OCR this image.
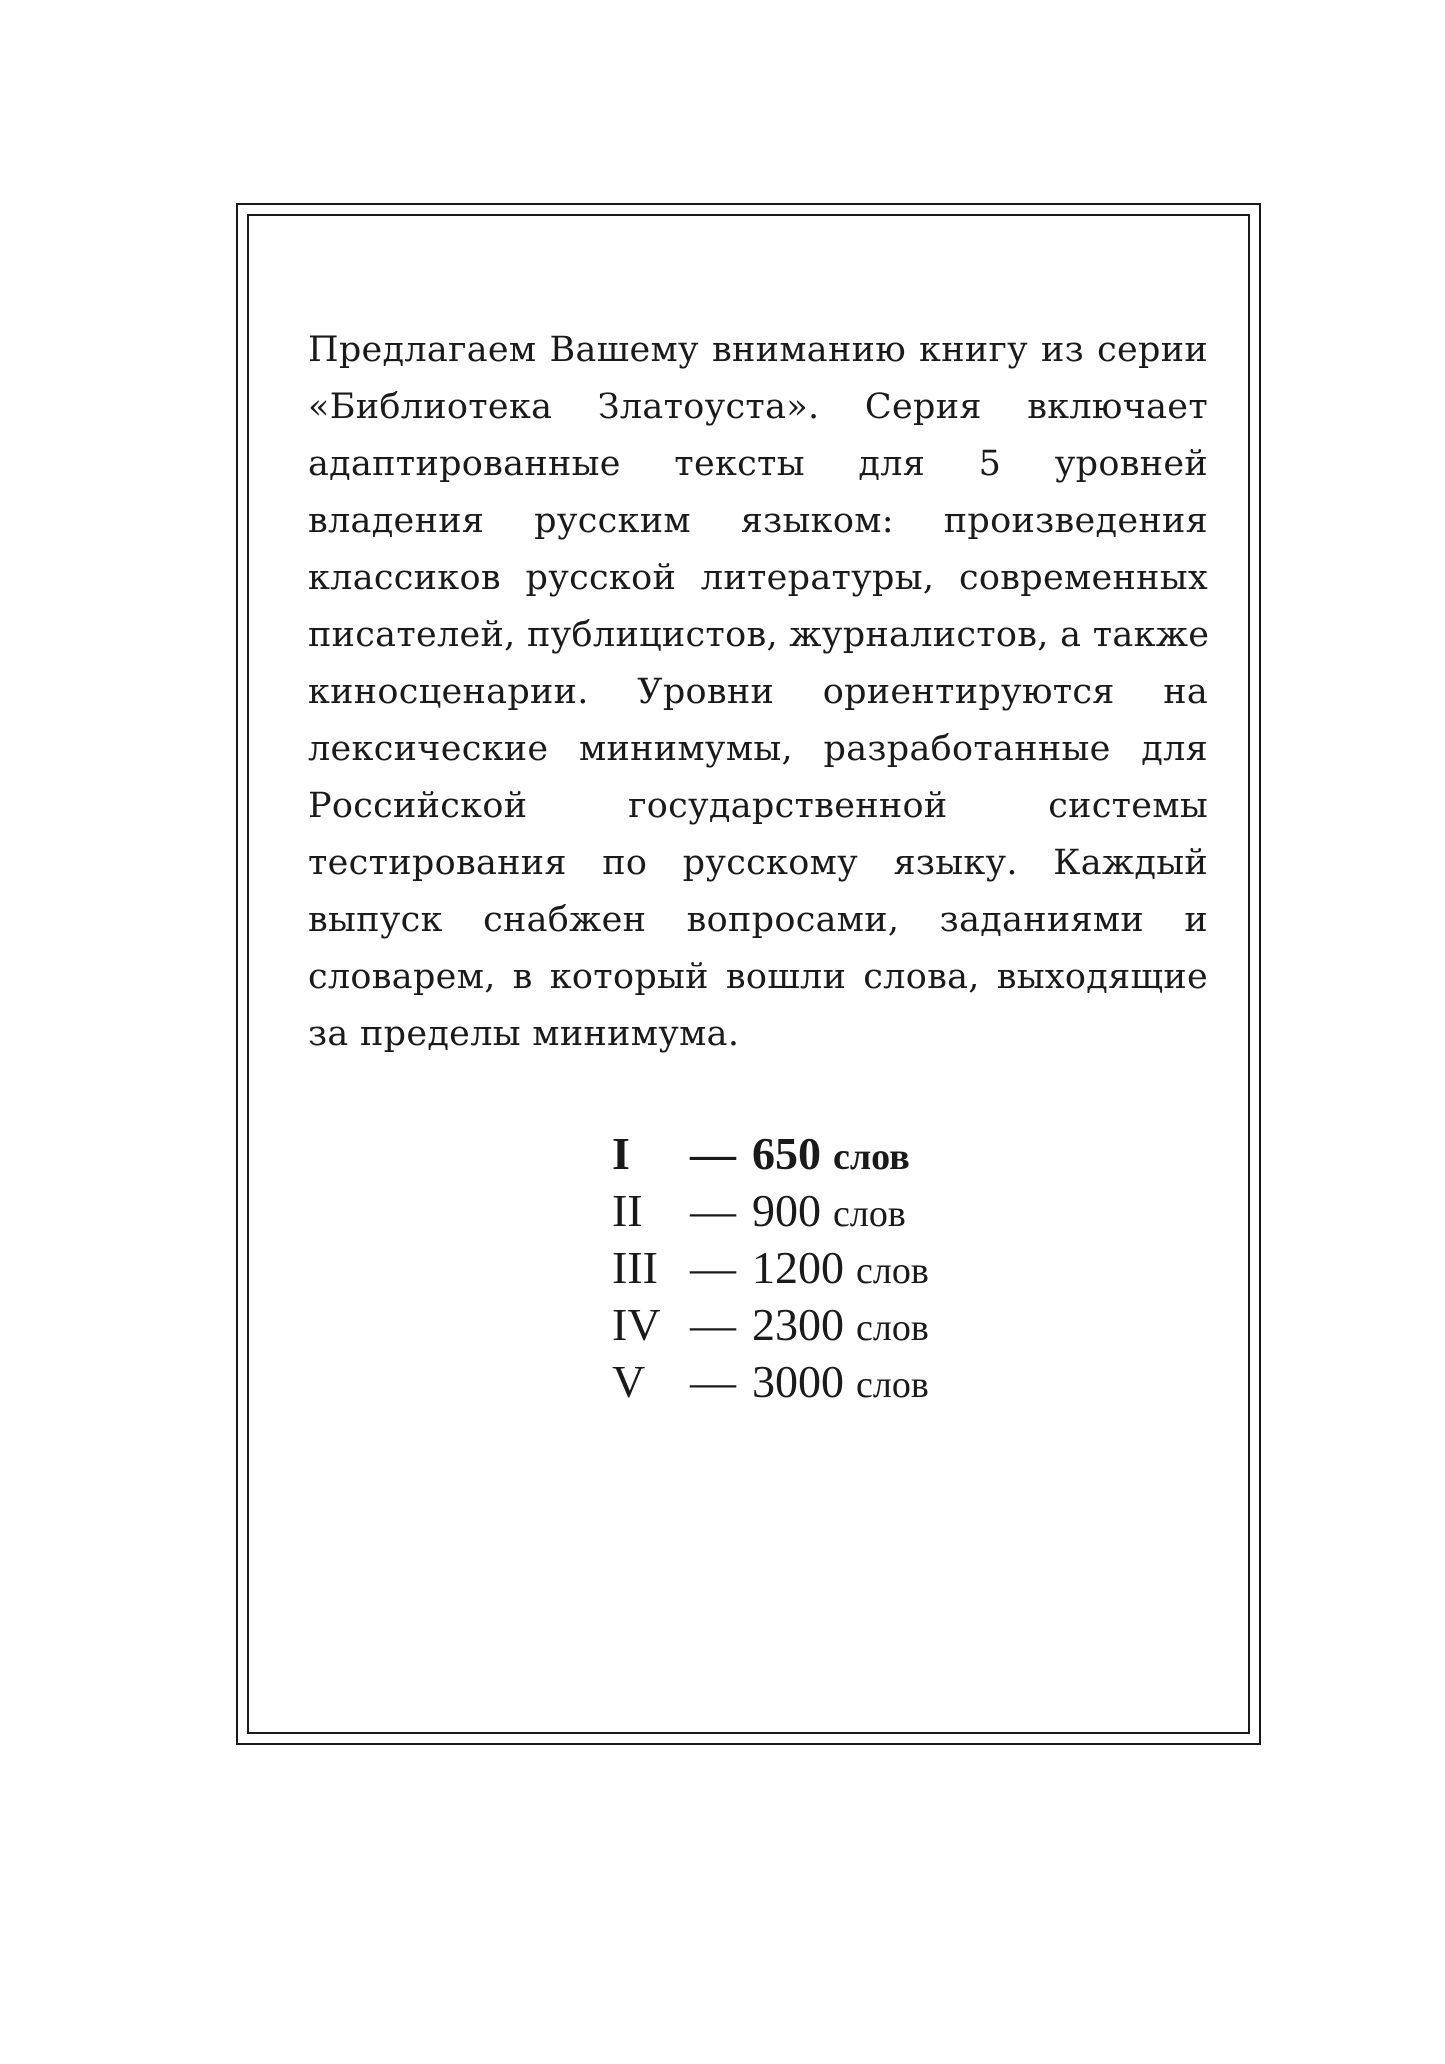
Предлагаем Вашему вниманию книгу из серии
«Библиотека Златоуста». Серия включает
адаптированные тексты для 5 уровней
владения русским языком: произведения
классиков русской литературы, современных
писателей, публицистов, журналистов, а также
киносценарии. Уровни ориентируются на
лексические минимумы, разработанные для
Российской государственной системы
тестирования по русскому языку. Каждый
выпуск снабжен вопросами, заданиями и
словарем, в который вошли слова, выходящие
за пределы минимума.
I	— 650 слов
II	— 900 слов
III — 1200 слов
IV — 2300 слов
V — 3000 слов
